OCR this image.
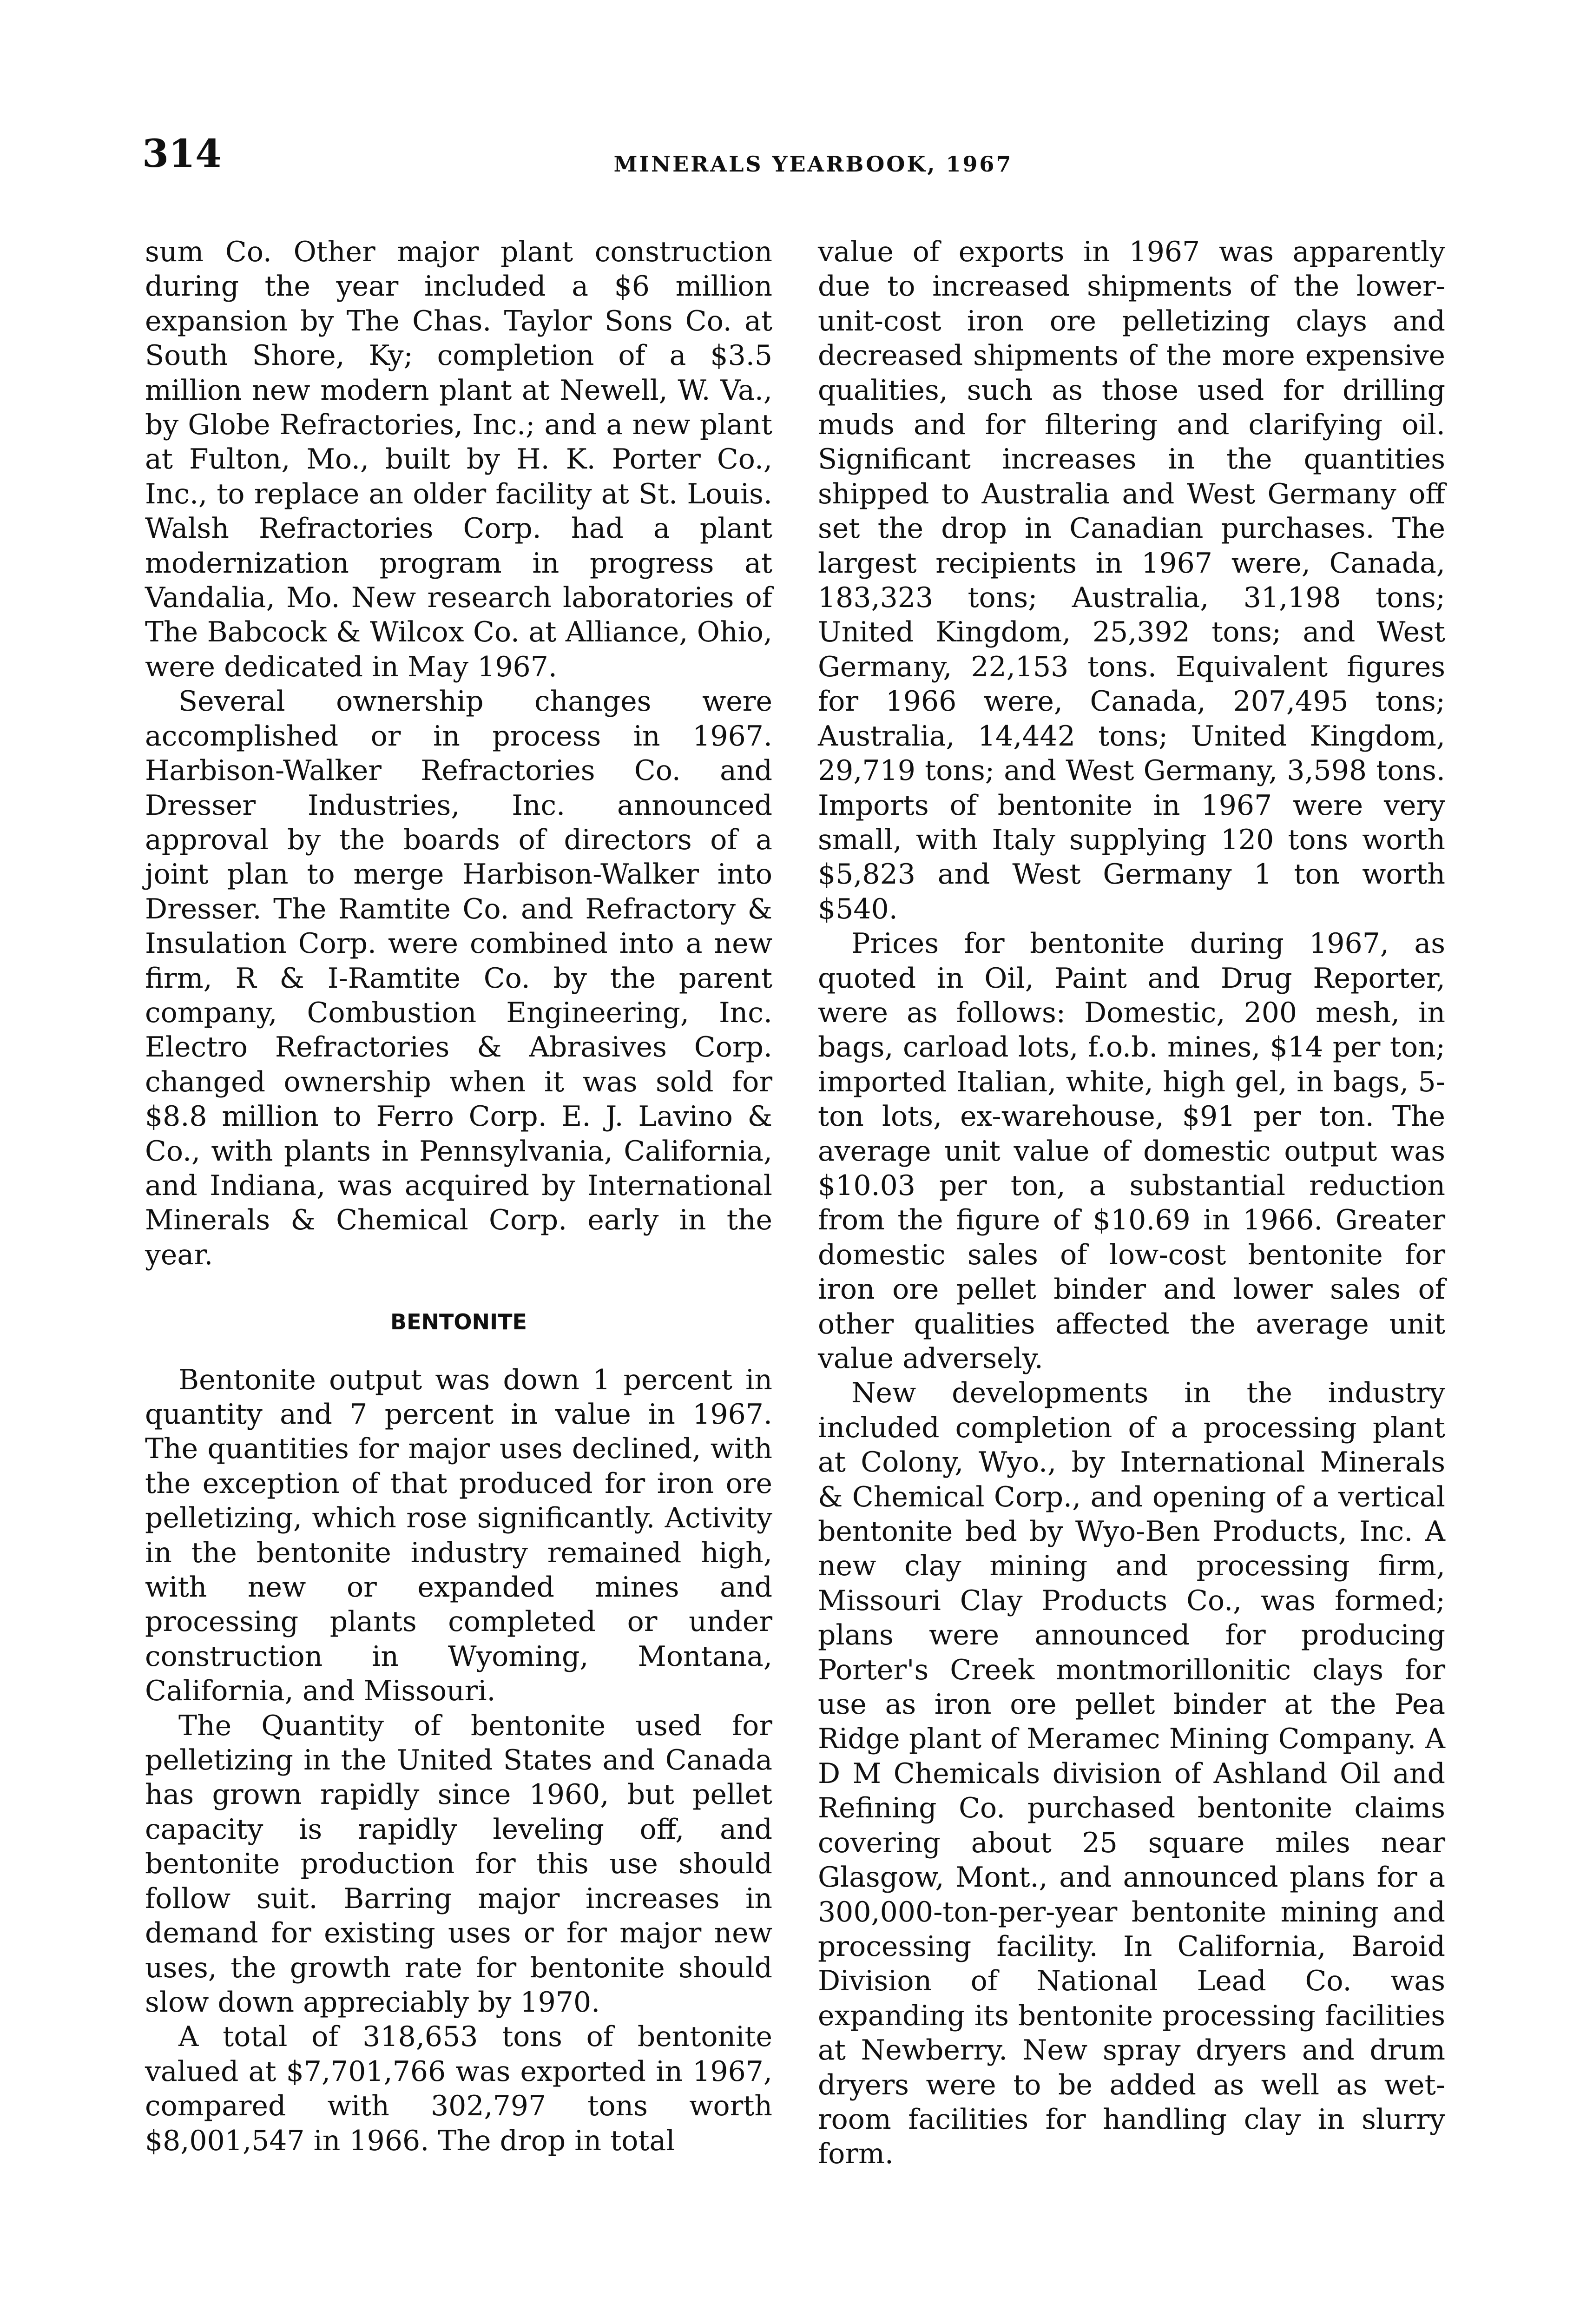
314	MINERALS YEARBOOK, 1967

sum Co. Other major plant construction during the year included a $6 million expansion by The Chas. Taylor Sons Co. at South Shore, Ky; completion of a $3.5 million new modern plant at Newell, W. Va., by Globe Refractories, Inc.; and a new plant at Fulton, Mo., built by H. K. Porter Co., Inc., to replace an older facility at St. Louis. Walsh Refractories Corp. had a plant modernization program in progress at Vandalia, Mo. New research laboratories of The Babcock & Wilcox Co. at Alliance, Ohio, were dedicated in May 1967.

Several ownership changes were accomplished or in process in 1967. Harbison-Walker Refractories Co. and Dresser Industries, Inc. announced approval by the boards of directors of a joint plan to merge Harbison-Walker into Dresser. The Ramtite Co. and Refractory & Insulation Corp. were combined into a new firm, R & I-Ramtite Co. by the parent company, Combustion Engineering, Inc. Electro Refractories & Abrasives Corp. changed ownership when it was sold for $8.8 million to Ferro Corp. E. J. Lavino & Co., with plants in Pennsylvania, California, and Indiana, was acquired by International Minerals & Chemical Corp. early in the year.

BENTONITE

Bentonite output was down 1 percent in quantity and 7 percent in value in 1967. The quantities for major uses declined, with the exception of that produced for iron ore pelletizing, which rose significantly. Activity in the bentonite industry remained high, with new or expanded mines and processing plants completed or under construction in Wyoming, Montana, California, and Missouri.

The Quantity of bentonite used for pelletizing in the United States and Canada has grown rapidly since 1960, but pellet capacity is rapidly leveling off, and bentonite production for this use should follow suit. Barring major increases in demand for existing uses or for major new uses, the growth rate for bentonite should slow down appreciably by 1970.

A total of 318,653 tons of bentonite valued at $7,701,766 was exported in 1967, compared with 302,797 tons worth $8,001,547 in 1966. The drop in total

value of exports in 1967 was apparently due to increased shipments of the lower-unit-cost iron ore pelletizing clays and decreased shipments of the more expensive qualities, such as those used for drilling muds and for filtering and clarifying oil. Significant increases in the quantities shipped to Australia and West Germany off set the drop in Canadian purchases. The largest recipients in 1967 were, Canada, 183,323 tons; Australia, 31,198 tons; United Kingdom, 25,392 tons; and West Germany, 22,153 tons. Equivalent figures for 1966 were, Canada, 207,495 tons; Australia, 14,442 tons; United Kingdom, 29,719 tons; and West Germany, 3,598 tons. Imports of bentonite in 1967 were very small, with Italy supplying 120 tons worth $5,823 and West Germany 1 ton worth $540.

Prices for bentonite during 1967, as quoted in Oil, Paint and Drug Reporter, were as follows: Domestic, 200 mesh, in bags, carload lots, f.o.b. mines, $14 per ton; imported Italian, white, high gel, in bags, 5-ton lots, ex-warehouse, $91 per ton. The average unit value of domestic output was $10.03 per ton, a substantial reduction from the figure of $10.69 in 1966. Greater domestic sales of low-cost bentonite for iron ore pellet binder and lower sales of other qualities affected the average unit value adversely.

New developments in the industry included completion of a processing plant at Colony, Wyo., by International Minerals & Chemical Corp., and opening of a vertical bentonite bed by Wyo-Ben Products, Inc. A new clay mining and processing firm, Missouri Clay Products Co., was formed; plans were announced for producing Porter's Creek montmorillonitic clays for use as iron ore pellet binder at the Pea Ridge plant of Meramec Mining Company. A D M Chemicals division of Ashland Oil and Refining Co. purchased bentonite claims covering about 25 square miles near Glasgow, Mont., and announced plans for a 300,000-ton-per-year bentonite mining and processing facility. In California, Baroid Division of National Lead Co. was expanding its bentonite processing facilities at Newberry. New spray dryers and drum dryers were to be added as well as wet-room facilities for handling clay in slurry form.
